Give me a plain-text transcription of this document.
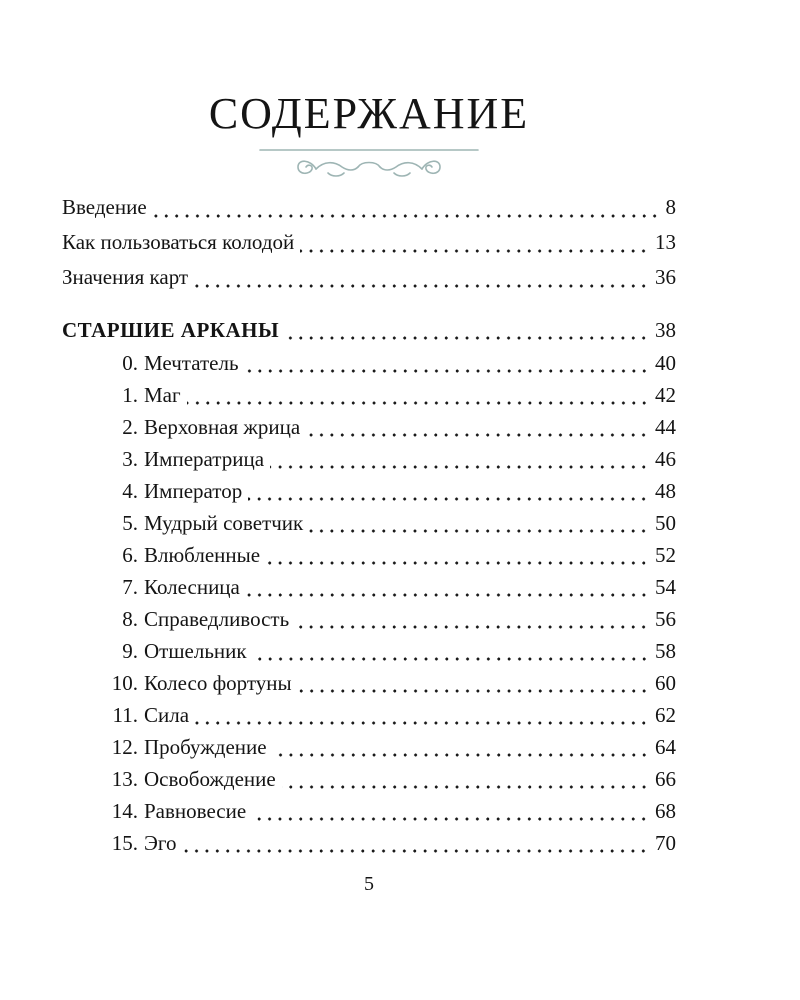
СОДЕРЖАНИЕ
Введение	8
Как пользоваться колодой	13
Значения карт	36
СТАРШИЕ АРКАНЫ	38
0. Мечтатель	40
1. Маг	42
2. Верховная жрица	44
3. Императрица	46
4. Император	48
5. Мудрый советчик	50
6. Влюбленные	52
7. Колесница	54
8. Справедливость	56
9. Отшельник	58
10. Колесо фортуны	60
11. Сила	62
12. Пробуждение	64
13. Освобождение	66
14. Равновесие	68
15. Эго	70
5
